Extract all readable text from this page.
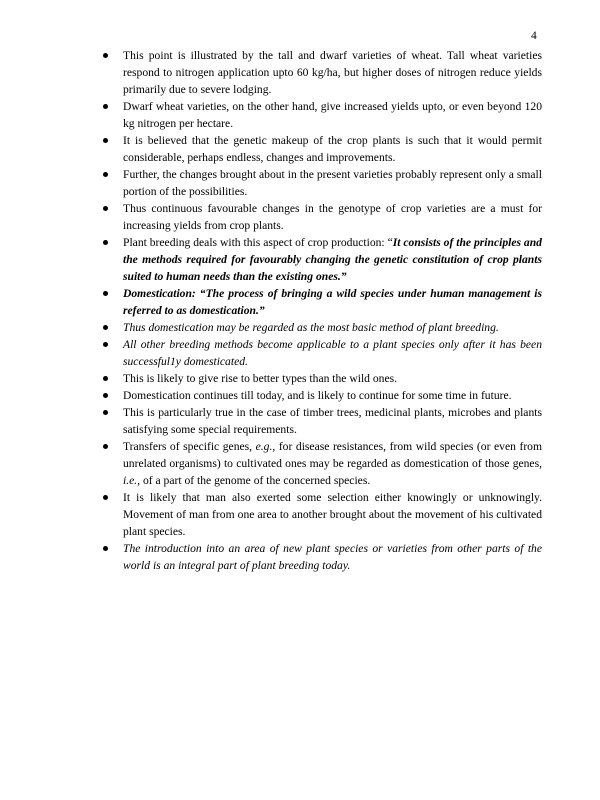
4
This point is illustrated by the tall and dwarf varieties of wheat. Tall wheat varieties respond to nitrogen application upto 60 kg/ha, but higher doses of nitrogen reduce yields primarily due to severe lodging.
Dwarf wheat varieties, on the other hand, give increased yields upto, or even beyond 120 kg nitrogen per hectare.
It is believed that the genetic makeup of the crop plants is such that it would permit considerable, perhaps endless, changes and improvements.
Further, the changes brought about in the present varieties probably represent only a small portion of the possibilities.
Thus continuous favourable changes in the genotype of crop varieties are a must for increasing yields from crop plants.
Plant breeding deals with this aspect of crop production: “It consists of the principles and the methods required for favourably changing the genetic constitution of crop plants suited to human needs than the existing ones.”
Domestication: “The process of bringing a wild species under human management is referred to as domestication.”
Thus domestication may be regarded as the most basic method of plant breeding.
All other breeding methods become applicable to a plant species only after it has been successful1y domesticated.
This is likely to give rise to better types than the wild ones.
Domestication continues till today, and is likely to continue for some time in future.
This is particularly true in the case of timber trees, medicinal plants, microbes and plants satisfying some special requirements.
Transfers of specific genes, e.g., for disease resistances, from wild species (or even from unrelated organisms) to cultivated ones may be regarded as domestication of those genes, i.e., of a part of the genome of the concerned species.
It is likely that man also exerted some selection either knowingly or unknowingly. Movement of man from one area to another brought about the movement of his cultivated plant species.
The introduction into an area of new plant species or varieties from other parts of the world is an integral part of plant breeding today.
